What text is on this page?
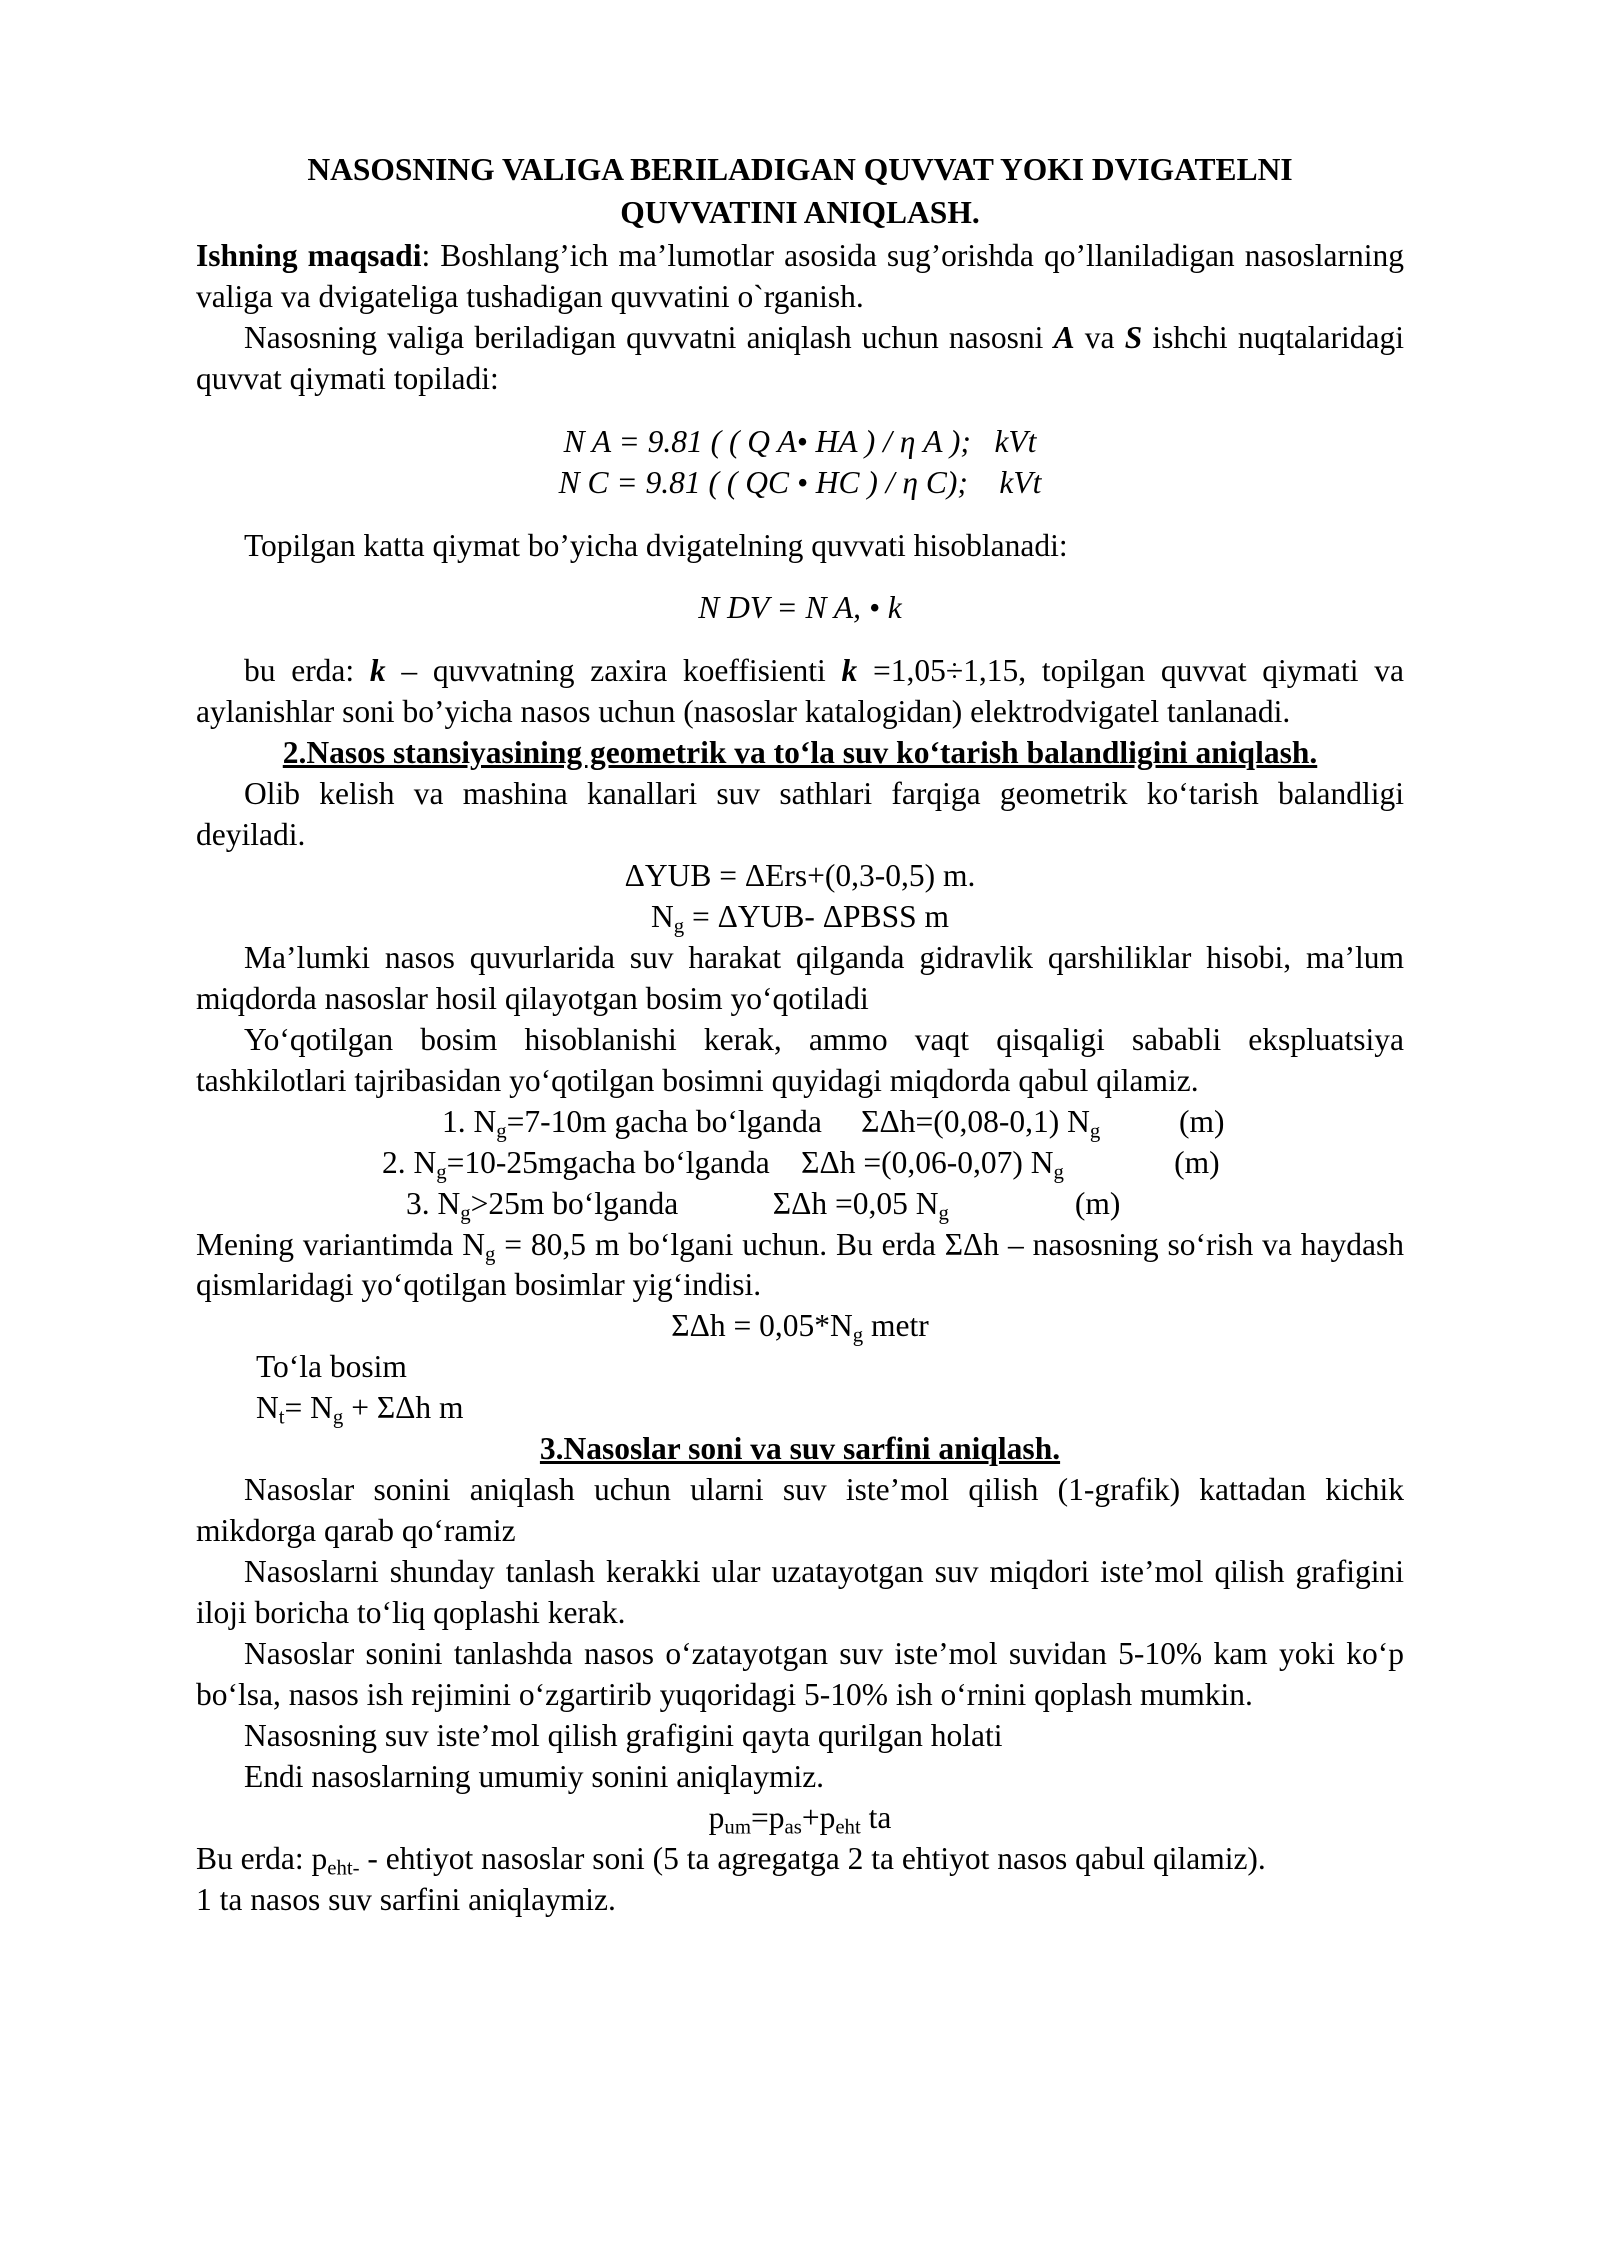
NASOSNING VALIGA BERILADIGAN QUVVAT YOKI DVIGATELNI
QUVVATINI ANIQLASH.

Ishning maqsadi: Boshlang’ich ma’lumotlar asosida sug’orishda qo’llaniladigan nasoslarning valiga va dvigateliga tushadigan quvvatini o`rganish.

Nasosning valiga beriladigan quvvatni aniqlash uchun nasosni A va S ishchi nuqtalaridagi quvvat qiymati topiladi:

N A = 9.81 ( ( Q A• HA ) / η A );   kVt

N C = 9.81 ( ( QC • HC ) / η C);    kVt

Topilgan katta qiymat bo’yicha dvigatelning quvvati hisoblanadi:

N DV = N A, • k

bu erda: k – quvvatning zaxira koeffisienti k =1,05÷1,15, topilgan quvvat qiymati va aylanishlar soni bo’yicha nasos uchun (nasoslar katalogidan) elektrodvigatel tanlanadi.

2.Nasos stansiyasining geometrik va to‘la suv ko‘tarish balandligini aniqlash.

Olib kelish va mashina kanallari suv sathlari farqiga geometrik ko‘tarish balandligi deyiladi.

ΔYUB = ΔErs+(0,3-0,5) m.

$N_g = \Delta YUB-$ ΔPBSS m

Ma’lumki nasos quvurlarida suv harakat qilganda gidravlik qarshiliklar hisobi, ma’lum miqdorda nasoslar hosil qilayotgan bosim yo‘qotiladi

Yo‘qotilgan bosim hisoblanishi kerak, ammo vaqt qisqaligi sababli ekspluatsiya tashkilotlari tajribasidan yo‘qotilgan bosimni quyidagi miqdorda qabul qilamiz.

1. $N_g=7-10m$ gacha bo‘lganda ΣΔh=(0,08-0,1) $N_g$	(m)

2. $N_g=10-25mgacha$ bo‘lganda ΣΔh =(0,06-0,07) $N_g$	(m)

3. $N_g>25m$ bo‘lganda	ΣΔh =0,05 $N_g$	(m)

Mening variantimda $N_g = 80,5$ m bo‘lgani uchun. Bu erda ΣΔh – nasosning so‘rish va haydash qismlaridagi yo‘qotilgan bosimlar yig‘indisi.

$\Sigma\Delta h = 0,05*N_g$ metr

To‘la bosim

$N_t= N_g + \Sigma\Delta h$ m

3.Nasoslar soni va suv sarfini aniqlash.

Nasoslar sonini aniqlash uchun ularni suv iste’mol qilish (1-grafik) kattadan kichik mikdorga qarab qo‘ramiz

Nasoslarni shunday tanlash kerakki ular uzatayotgan suv miqdori iste’mol qilish grafigini iloji boricha to‘liq qoplashi kerak.

Nasoslar sonini tanlashda nasos o‘zatayotgan suv iste’mol suvidan 5-10% kam yoki ko‘p bo‘lsa, nasos ish rejimini o‘zgartirib yuqoridagi 5-10% ish o‘rnini qoplash mumkin.

Nasosning suv iste’mol qilish grafigini qayta qurilgan holati

Endi nasoslarning umumiy sonini aniqlaymiz.

$p_{um}=p_{as}+p_{eht}$ ta

Bu erda: $p_{eht-}$ - ehtiyot nasoslar soni (5 ta agregatga 2 ta ehtiyot nasos qabul qilamiz).

1 ta nasos suv sarfini aniqlaymiz.
